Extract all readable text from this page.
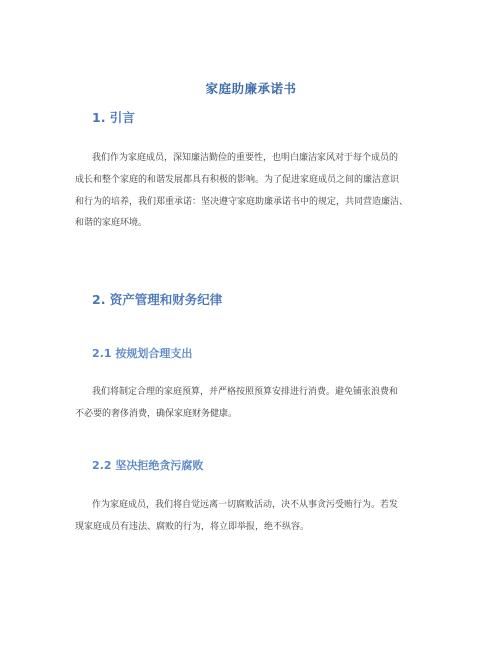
家庭助廉承诺书
1. 引言
我们作为家庭成员，深知廉洁勤俭的重要性，也明白廉洁家风对于每个成员的
成长和整个家庭的和谐发展都具有积极的影响。为了促进家庭成员之间的廉洁意识
和行为的培养，我们郑重承诺：坚决遵守家庭助廉承诺书中的规定，共同营造廉洁、
和谐的家庭环境。
2. 资产管理和财务纪律
2.1 按规划合理支出
我们将制定合理的家庭预算，并严格按照预算安排进行消费。避免铺张浪费和
不必要的奢侈消费，确保家庭财务健康。
2.2 坚决拒绝贪污腐败
作为家庭成员，我们将自觉远离一切腐败活动，决不从事贪污受贿行为。若发
现家庭成员有违法、腐败的行为，将立即举报，绝不纵容。
